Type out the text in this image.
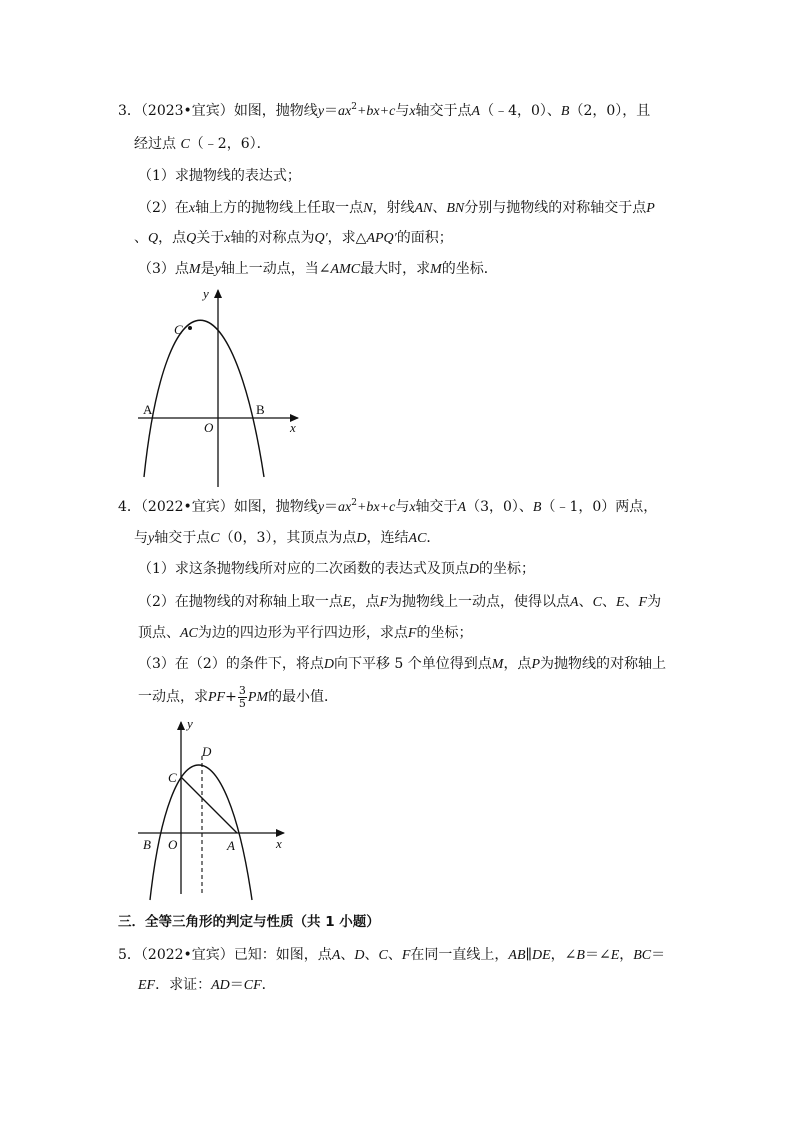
3．（2023•宜宾）如图，抛物线$y=ax^2+bx+c$与x轴交于点A（﹣4，0）、B（2，0），且
经过点 C（﹣2，6）．
（1）求抛物线的表达式；
（2）在x轴上方的抛物线上任取一点N，射线AN、BN分别与抛物线的对称轴交于点P
、Q，点Q关于x轴的对称点为Q′，求△APQ′的面积；
（3）点M是y轴上一动点，当∠AMC最大时，求M的坐标．
y
x
O
A	B
C
4．（2022•宜宾）如图，抛物线$y=ax^2+bx+c$与x轴交于A（3，0）、B（﹣1，0）两点，
与y轴交于点C（0，3），其顶点为点D，连结AC．
（1）求这条抛物线所对应的二次函数的表达式及顶点D的坐标；
（2）在抛物线的对称轴上取一点E，点F为抛物线上一动点，使得以点A、C、E、F为
顶点、AC为边的四边形为平行四边形，求点F的坐标；
（3）在（2）的条件下，将点D向下平移 5 个单位得到点M，点P为抛物线的对称轴上
一动点，求$PF+ \frac{3}{5}$ PM的最小值．
y
x
O
B	A
C
D
三．全等三角形的判定与性质（共 1 小题）
5．（2022•宜宾）已知：如图，点A、D、C、F在同一直线上，AB∥DE，∠B＝∠E，BC＝
EF．求证：AD＝CF．
